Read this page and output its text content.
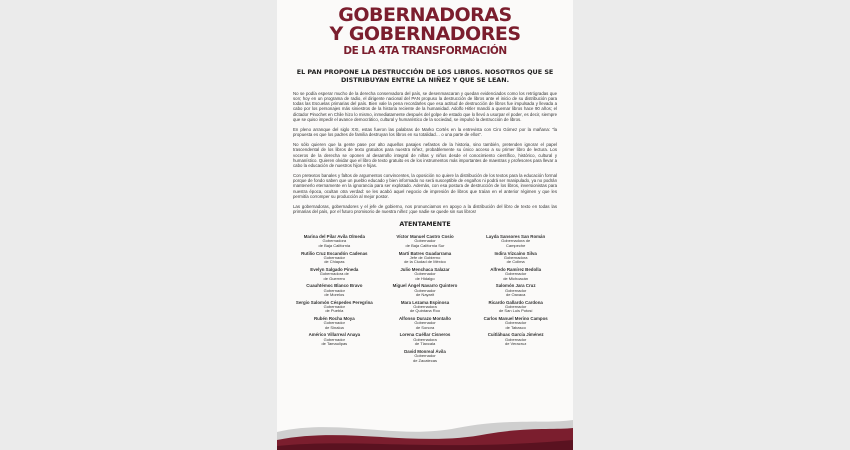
GOBERNADORAS
Y GOBERNADORES
DE LA 4TA TRANSFORMACIÓN
EL PAN PROPONE LA DESTRUCCIÓN DE LOS LIBROS. NOSOTROS QUE SE DISTRIBUYAN ENTRE LA NIÑEZ Y QUE SE LEAN.

No se podía esperar mucho de la derecha conservadora del país, se desenmascaran y quedan evidenciados como los retrógradas que son; hoy en un programa de radio, el dirigente nacional del PAN propuso la destrucción de libros ante el inicio de su distribución para todas las Escuelas primarias del país. Bien vale la pena recordarles que esa actitud de destrucción de libros fue impulsada y llevada a cabo por los personajes más siniestros de la historia reciente de la humanidad. Adolfo Hitler mandó a quemar libros hace 90 años; el dictador Pinochet en Chile hizo lo mismo, inmediatamente después del golpe de estado que lo llevó a usurpar el poder, es decir, siempre que se quiso impedir el avance democrático, cultural y humanístico de la sociedad, se impulsó la destrucción de libros.

En pleno arranque del siglo XXI, estas fueron las palabras de Marko Cortés en la entrevista con Ciro Gómez por la mañana: "la propuesta es que los padres de familia destruyan los libros en su totalidad… o una parte de ellos".

No sólo quieren que la gente pase por alto aquellos pasajes nefastos de la historia, sino también, pretenden ignorar el papel trascendental de los libros de texto gratuitos para nuestra niñez, probablemente su único acceso a su primer libro de lectura. Los voceros de la derecha se oponen al desarrollo integral de niñas y niños desde el conocimiento científico, histórico, cultural y humanístico. Quieren olvidar que el libro de texto gratuito es de los instrumentos más importantes de maestras y profesores para llevar a cabo la educación de nuestros hijos e hijas.

Con pretextos banales y faltos de argumentos convincentes, la oposición no quiere la distribución de los textos para la educación formal porque de fondo saben que un pueblo educado y bien informado no será susceptible de engaños ni podrá ser manipulado, ya no podrán mantenerlo eternamente en la ignorancia para ser explotado. Además, con esa postura de destrucción de los libros, inversionistas para nuestra época, ocultan otra verdad: se les acabó aquel negocio de impresión de libros que traían en el anterior régimen y que les permitía corromper su producción al mejor postor.

Las gobernadoras, gobernadores y el jefe de gobierno, nos pronunciamos en apoyo a la distribución del libro de texto en todas las primarias del país, por el futuro promisorio de nuestra niñez ¡que nadie se quede sin sus libros!

ATENTAMENTE
Marina del Pilar Avila Olmeda
Gobernadora
de Baja California
Víctor Manuel Castro Cosío
Gobernador
de Baja California Sur
Layda Sansores San Román
Gobernadora de
Campeche
Rutilio Cruz Escandón Cadenas
Gobernador
de Chiapas
Martí Batres Guadarrama
Jefe de Gobierno
de la Ciudad de México
Indira Vizcaíno Silva
Gobernadora
de Colima
Evelyn Salgado Pineda
Gobernadora de
de Guerrero
Julio Menchaca Salazar
Gobernador
de Hidalgo
Alfredo Ramírez Bedolla
Gobernador
de Michoacán
Cuauhtémoc Blanco Bravo
Gobernador
de Morelos
Miguel Ángel Navarro Quintero
Gobernador
de Nayarit
Salomón Jara Cruz
Gobernador
de Oaxaca
Sergio Salomón Céspedes Peregrina
Gobernador
de Puebla
Mara Lezama Espinosa
Gobernadora
de Quintana Roo
Ricardo Gallardo Cardona
Gobernador
de San Luis Potosí
Rubén Rocha Moya
Gobernador
de Sinaloa
Alfonso Durazo Montaño
Gobernador
de Sonora
Carlos Manuel Merino Campos
Gobernador
de Tabasco
Américo Villarreal Anaya
Gobernador
de Tamaulipas
Lorena Cuéllar Cisneros
Gobernadora
de Tlaxcala
Cuitláhuac García Jiménez
Gobernador
de Veracruz
David Monreal Ávila
Gobernador
de Zacatecas
